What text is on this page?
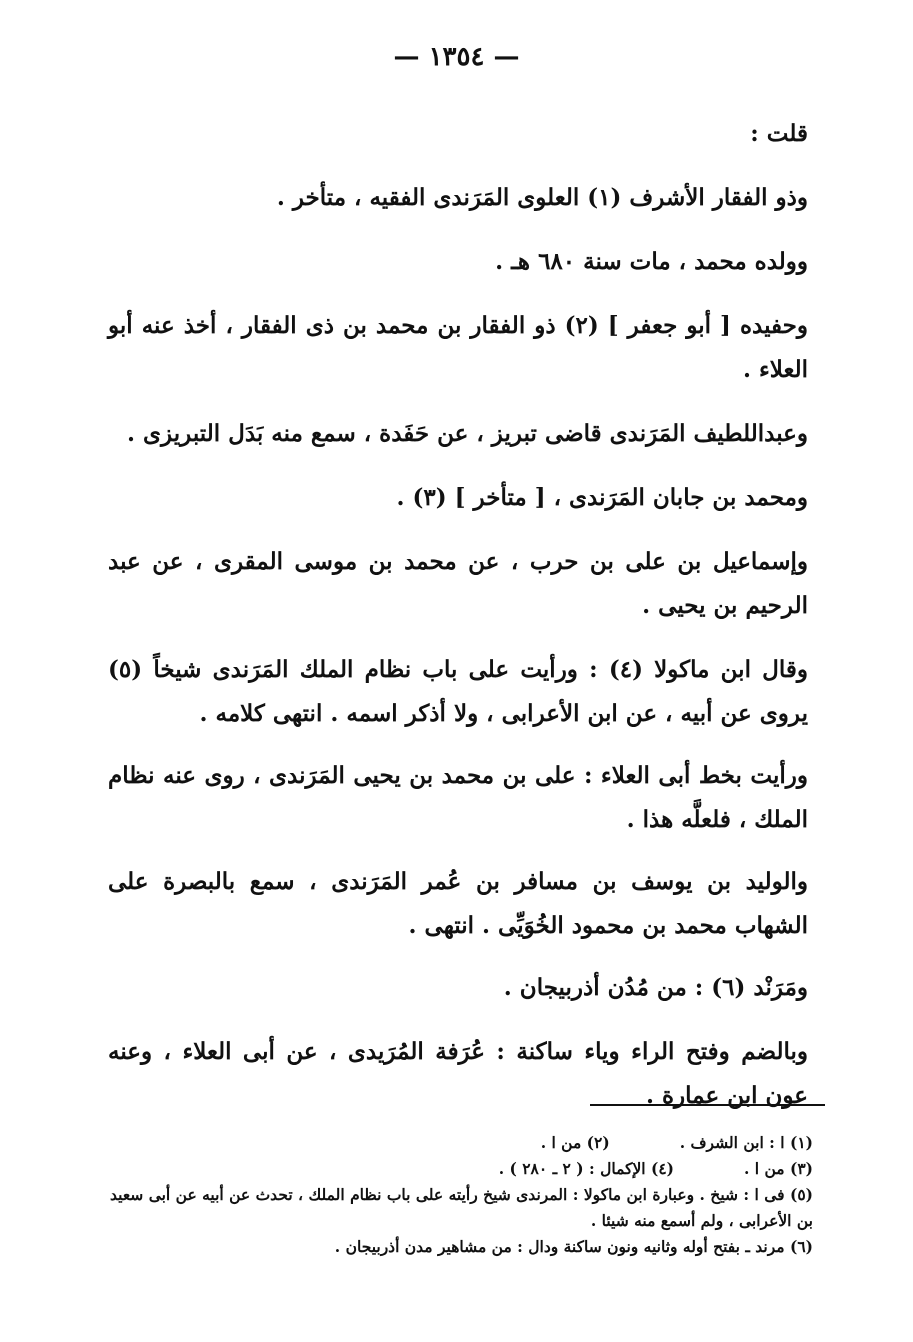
— ١٣٥٤ —

قلت :

وذو الفقار الأشرف (١) العلوى المَرَندى الفقيه ، متأخر .

وولده محمد ، مات سنة ٦٨٠ هـ .

وحفيده [ أبو جعفر ] (٢) ذو الفقار بن محمد بن ذى الفقار ، أخذ عنه أبو العلاء .

وعبداللطيف المَرَندى قاضى تبريز ، عن حَفَدة ، سمع منه بَدَل التبريزى .

ومحمد بن جابان المَرَندى ، [ متأخر ] (٣) .

وإسماعيل بن على بن حرب ، عن محمد بن موسى المقرى ، عن عبد الرحيم بن يحيى .

وقال ابن ماكولا (٤) : ورأيت على باب نظام الملك المَرَندى شيخاً (٥) يروى عن أبيه ، عن ابن الأعرابى ، ولا أذكر اسمه . انتهى كلامه .

ورأيت بخط أبى العلاء : على بن محمد بن يحيى المَرَندى ، روى عنه نظام الملك ، فلعلَّه هذا .

والوليد بن يوسف بن مسافر بن عُمر المَرَندى ، سمع بالبصرة على الشهاب محمد بن محمود الخُوَيِّى . انتهى .

ومَرَنْد (٦) : من مُدُن أذربيجان .

وبالضم وفتح الراء وياء ساكنة : عُرَفة المُرَيدى ، عن أبى العلاء ، وعنه عون ابن عمارة .

(١) ا : ابن الشرف .(٢) من ا .

(٣) من ا .(٤) الإكمال : ( ٢ ـ ٢٨٠ ) .

(٥) فى ا : شيخ . وعبارة ابن ماكولا : المرندى شيخ رأيته على باب نظام الملك ، تحدث عن أبيه عن أبى سعيد بن الأعرابى ، ولم أسمع منه شيئا .

(٦) مرند ـ بفتح أوله وثانيه ونون ساكنة ودال : من مشاهير مدن أذربيجان .
